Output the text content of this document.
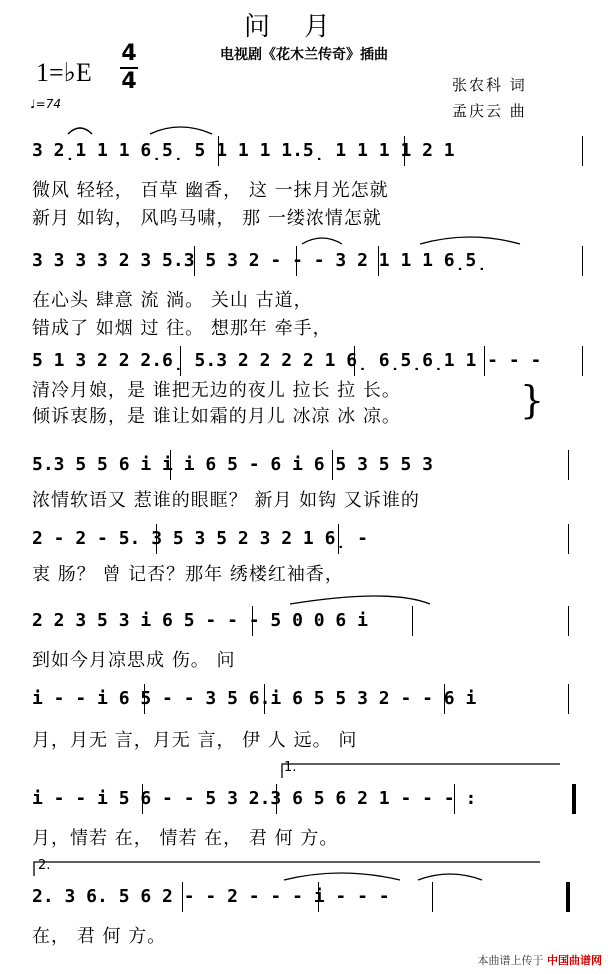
问月
电视剧《花木兰传奇》插曲
1=♭E
4
4	张农科 词
孟庆云 曲
♩=74
3 2̣1 1 1 6̣5̣ 5 1 1 1 1.5̣ 1 1 1 1 2 1
微风 轻轻， 百草 幽香， 这 一抹月光怎就
新月 如钩， 风呜马啸， 那 一缕浓情怎就
3 3 3 3 2 3 5.3 5 3 2 - - - 3 2 1 1 1 6̣5̣
在心头 肆意 流 淌。 关山 古道，
错成了 如烟 过 往。 想那年 牵手，
5 1 3 2 2 2.6̣ 5.3 2 2 2 2 1 6̣ 6̣5̣6̣1 1 - - -
清冷月娘，是 谁把无边的夜儿 拉长 拉 长。
倾诉衷肠，是 谁让如霜的月儿 冰凉 冰 凉。	}
5.3 5 5 6 i i i 6 5 - 6 i 6 5 3 5 5 3
浓情软语又 惹谁的眼眶？ 新月 如钩 又诉谁的
2 - 2 - 5. 3 5 3 5 2 3 2 1 6̣ -
衷 肠？ 曾 记否？那年 绣楼红袖香，
2 2 3 5 3 i 6 5 - - - 5 0 0 6 i
到如今月凉思成 伤。 问
i - - i 6 5 - - 3 5 6.i 6 5 5 3 2 - - 6 i
月，月无 言，月无 言， 伊 人 远。 问
i - - i 5 6 - - 5 3 2.3 6 5 6 2 1 - - - :
月，情若 在， 情若 在， 君 何 方。
1.
2. 3 6. 5 6 2 - - 2 - - - i - - -
在， 君 何 方。
2.
本曲谱上传于 中国曲谱网
